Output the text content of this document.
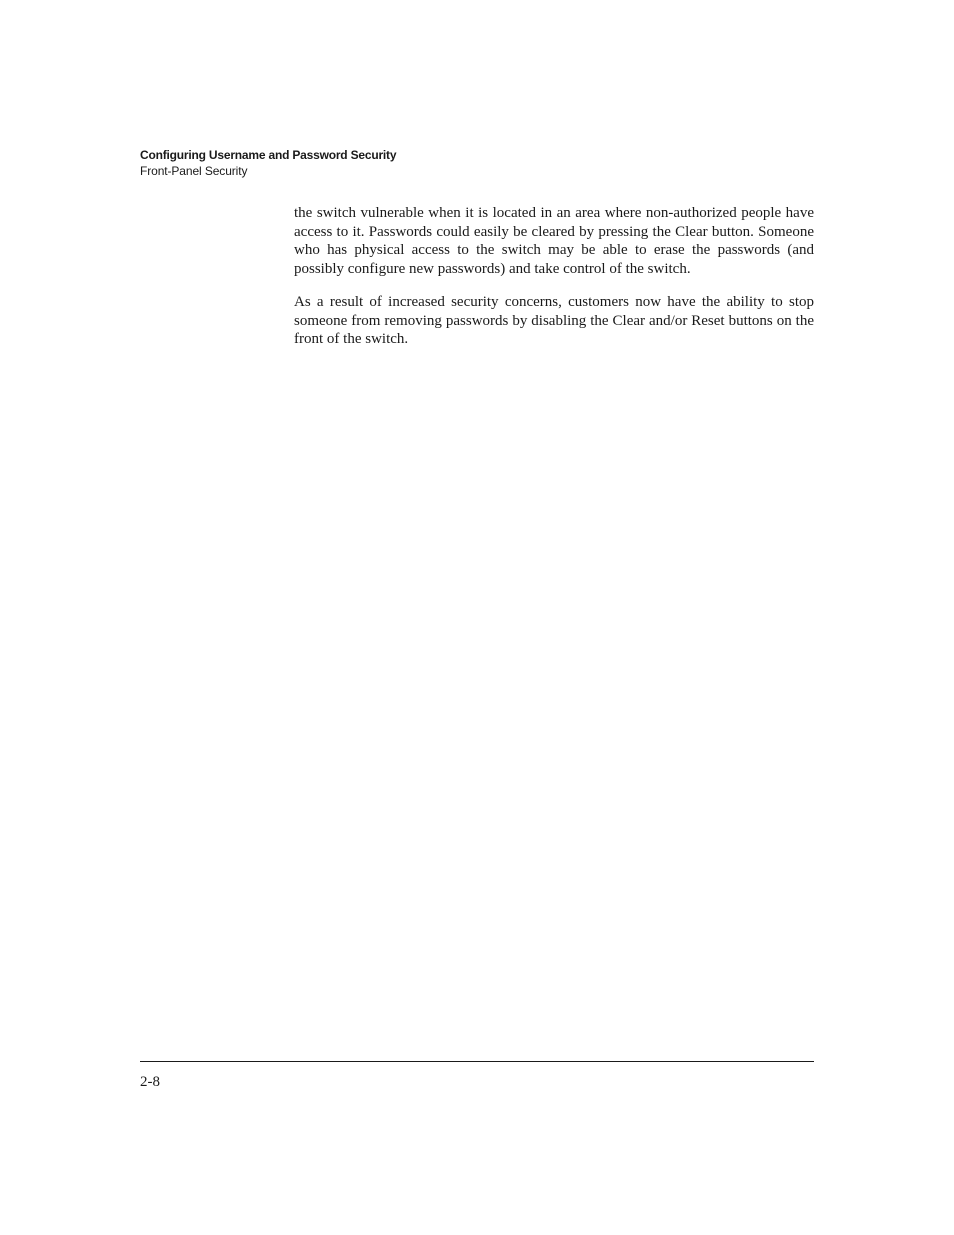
Configuring Username and Password Security
Front-Panel Security

the switch vulnerable when it is located in an area where non-authorized people have access to it. Passwords could easily be cleared by pressing the Clear button. Someone who has physical access to the switch may be able to erase the passwords (and possibly configure new passwords) and take control of the switch.

As a result of increased security concerns, customers now have the ability to stop someone from removing passwords by disabling the Clear and/or Reset buttons on the front of the switch.

2-8
